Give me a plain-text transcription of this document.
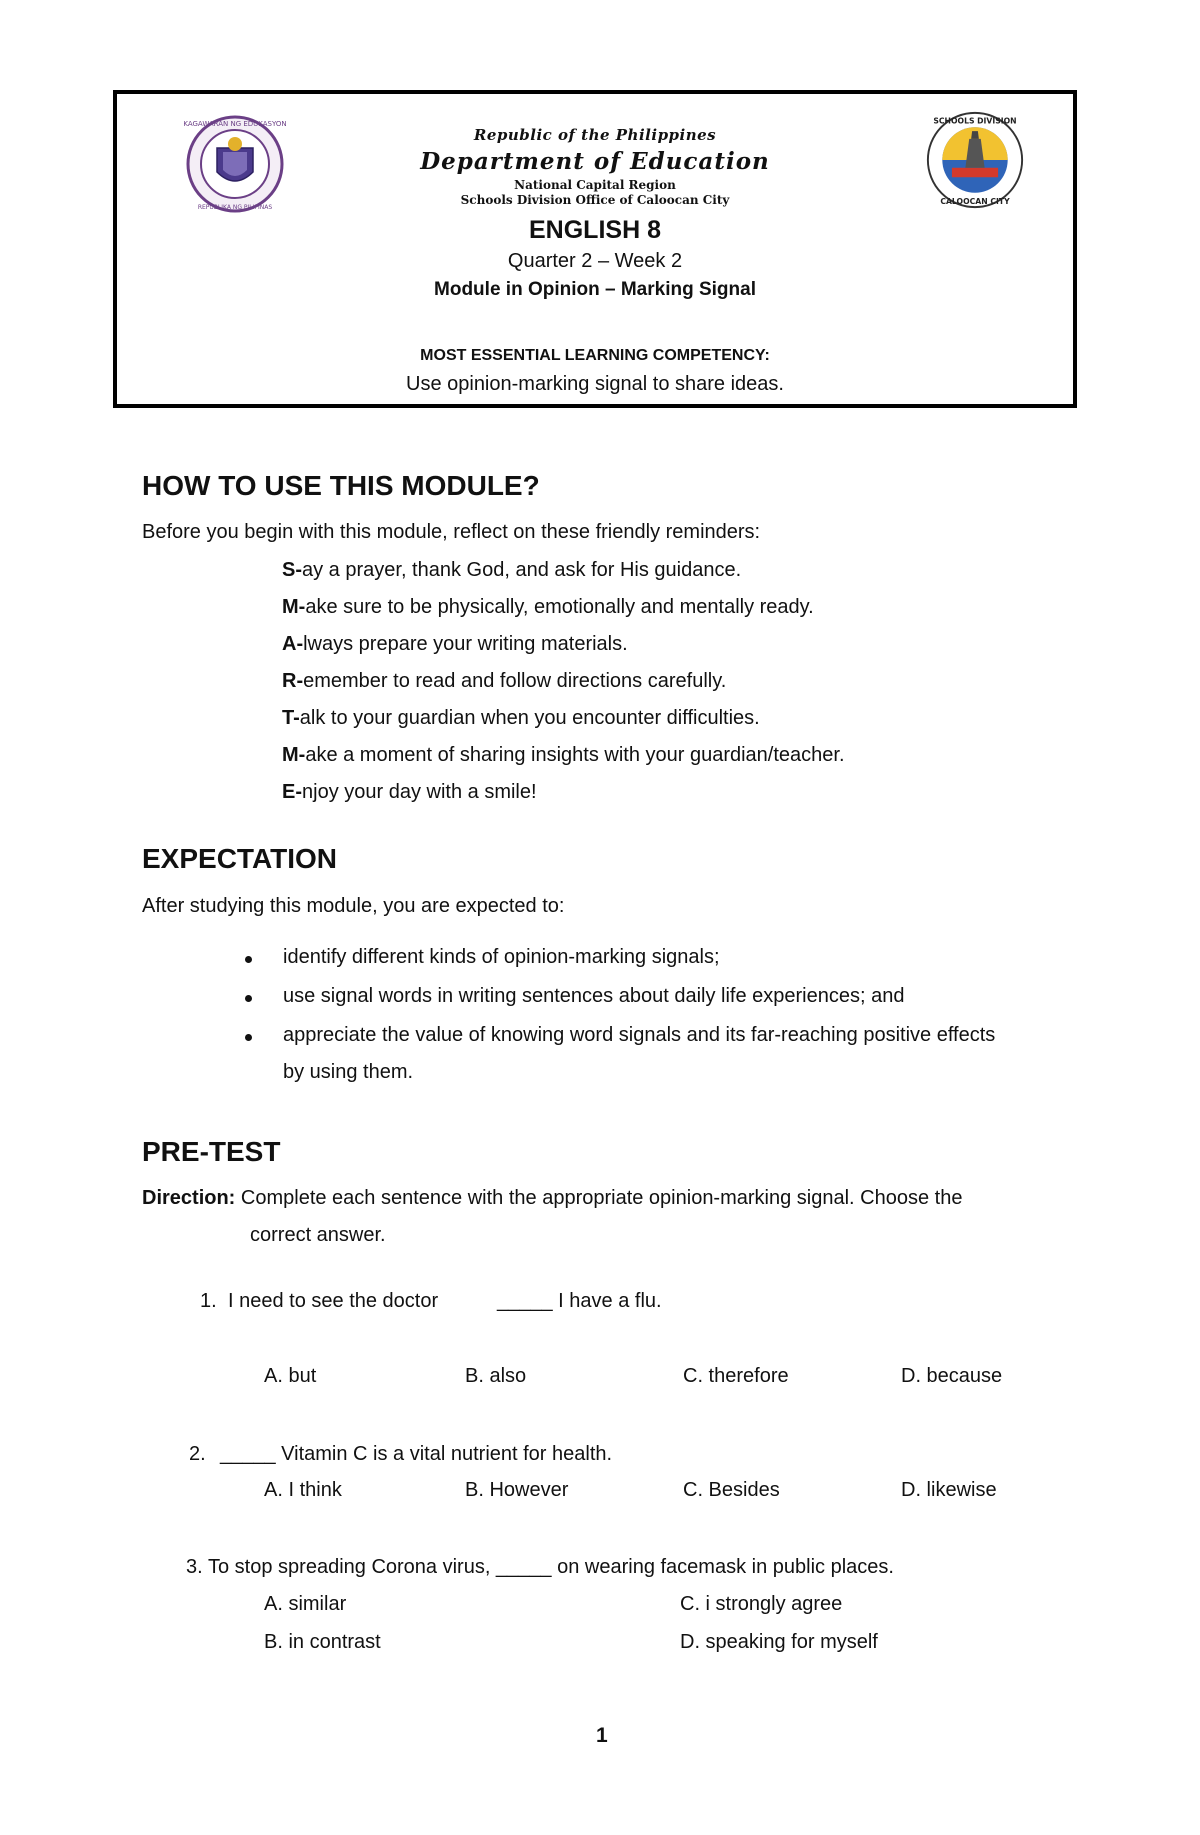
KAGAWARAN NG EDUKASYON
REPUBLIKA NG PILIPINAS
Republic of the Philippines
Department of Education
National Capital Region
Schools Division Office of Caloocan City
SCHOOLS DIVISION
CALOOCAN CITY
ENGLISH 8
Quarter 2 – Week 2
Module in Opinion – Marking Signal
MOST ESSENTIAL LEARNING COMPETENCY:
Use opinion-marking signal to share ideas.
HOW TO USE THIS MODULE?
Before you begin with this module, reflect on these friendly reminders:
S-ay a prayer, thank God, and ask for His guidance.
M-ake sure to be physically, emotionally and mentally ready.
A-lways prepare your writing materials.
R-emember to read and follow directions carefully.
T-alk to your guardian when you encounter difficulties.
M-ake a moment of sharing insights with your guardian/teacher.
E-njoy your day with a smile!
EXPECTATION
After studying this module, you are expected to:
identify different kinds of opinion-marking signals;
use signal words in writing sentences about daily life experiences; and
appreciate the value of knowing word signals and its far-reaching positive effects
by using them.
PRE-TEST
Direction: Complete each sentence with the appropriate opinion-marking signal. Choose the
correct answer.
1. I need to see the doctor	_____ I have a flu.
A. but	B. also	C. therefore	D. because
2. _____ Vitamin C is a vital nutrient for health.
A. I think	B. However	C. Besides	D. likewise
3. To stop spreading Corona virus, _____ on wearing facemask in public places.
A. similar	C. i strongly agree
B. in contrast	D. speaking for myself
1
